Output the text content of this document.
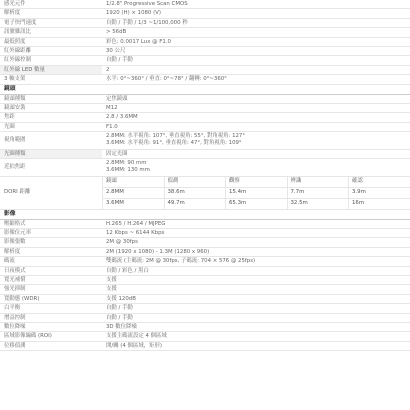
感光元件	1/2.8" Progressive Scan CMOS
解析度	1920 (H) × 1080 (V)
電子快門速度	自動 / 手動 / 1/3 ~1/100,000 秒
訊號雜訊比	> 56dB
最低照度	彩色: 0.0017 Lux @ F1.0
紅外線距離	30 公尺
紅外線控制	自動 / 手動
紅外線 LED 數量	2
3 軸支架	水平: 0°~360° / 垂直: 0°~78° / 翻轉: 0°~360°
鏡頭
鏡頭種類	定焦鏡頭

鏡頭安裝	M12

焦距	2.8 / 3.6MM

光圈	F1.0

視角範圍	
2.8MM: 水平視角: 107°, 垂直視角: 55°, 對角視角: 127°
3.6MM: 水平視角: 91°, 垂直視角: 47°, 對角視角: 109°

光圈種類	固定光圈

近拍焦距	
2.8MM: 90 mm
3.6MM: 130 mm

DORI 距離	
鏡頭	偵測	觀察	辨識	確認
2.8MM	38.6m	15.4m	7.7m	3.9m
3.6MM	49.7m	65.3m	32.5m	16m

影像
壓縮格式	H.265 / H.264 / MJPEG
影像位元率	12 Kbps ~ 6144 Kbps
影像張數	2M @ 30fps
解析度	2M (1920 x 1080) - 1.3M (1280 x 960)
碼流	雙碼流 (主碼流: 2M @ 30fps, 子碼流: 704 × 576 @ 25fps)
日夜模式	自動 / 彩色 / 黑白
寬光補償	支援
強光抑制	支援
寬動態 (WDR)	支援 120dB
白平衡	自動 / 手動
增益控制	自動 / 手動
數位降噪	3D 數位降噪
區域影像編碼 (ROI)	支援主碼流設定 4 個區域
位移偵測	開/關 (4 個區域，矩形)
